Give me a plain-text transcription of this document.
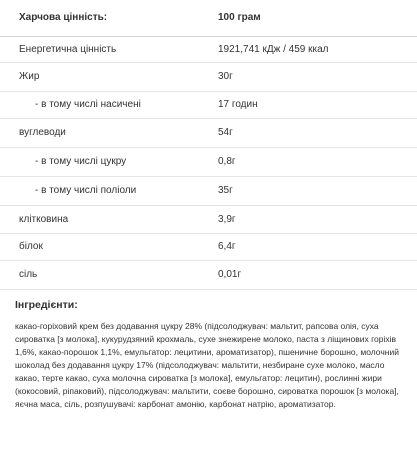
Харчова цінність:	100 грам
Енергетична цінність	1921,741 кДж / 459 ккал
Жир	30г
- в тому числі насичені	17 годин
вуглеводи	54г
- в тому числі цукру	0,8г
- в тому числі поліоли	35г
клітковина	3,9г
білок	6,4г
сіль	0,01г
Інгредієнти:

какао-горіховий крем без додавання цукру 28% (підсолоджувач: мальтит, рапсова олія, суха сироватка [з молока], кукурудзяний крохмаль, сухе знежирене молоко, паста з ліщинових горіхів 1,6%, какао-порошок 1,1%, емульгатор: лецитини, ароматизатор), пшеничне борошно, молочний шоколад без додавання цукру 17% (підсолоджувач: мальтити, незбиране сухе молоко, масло какао, терте какао, суха молочна сироватка [з молока], емульгатор: лецитин), рослинні жири (кокосовий, ріпаковий), підсолоджувач: мальтити, соєве борошно, сироватка порошок [з молока], яєчна маса, сіль, розпушувачі: карбонат амонію, карбонат натрію, ароматизатор.
